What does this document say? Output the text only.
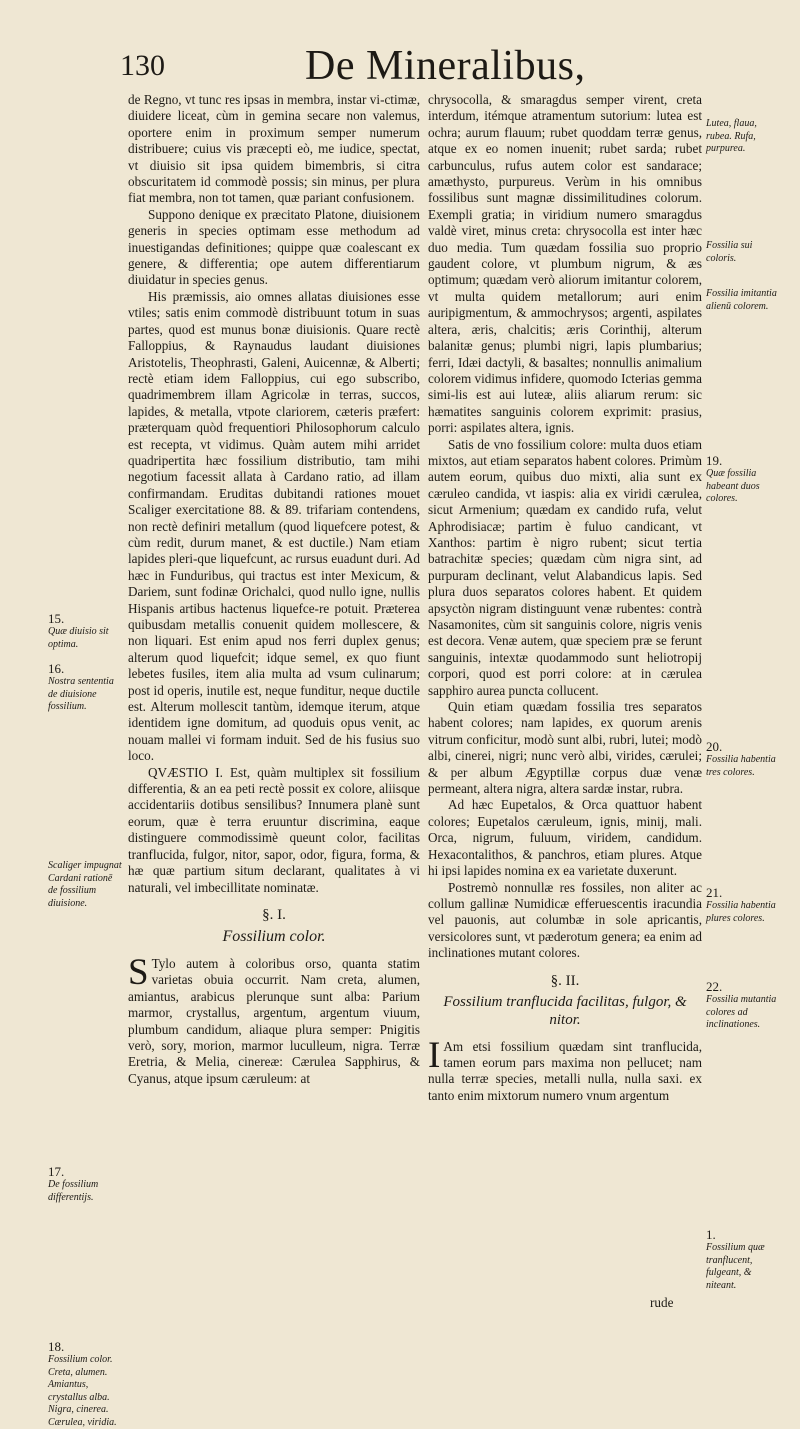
130	De Mineralibus,
15.
Quæ diuisio sit optima.
16.
Nostra sententia de diuisione fossilium.
Scaliger impugnat Cardani rationē de fossilium diuisione.
17.
De fossilium differentijs.
18.
Fossilium color. Creta, alumen. Amiantus, crystallus alba. Nigra, cinerea. Cærulea, viridia.

de Regno, vt tunc res ipsas in membra, instar vi-ctimæ, diuidere liceat, cùm in gemina secare non valemus, oportere enim in proximum semper numerum distribuere; cuius vis præcepti eò, me iudice, spectat, vt diuisio sit ipsa quidem bimembris, si citra obscuritatem id commodè possis; sin minus, per plura fiat membra, non tot tamen, quæ pariant confusionem.

Suppono denique ex præcitato Platone, diuisionem generis in species optimam esse methodum ad inuestigandas definitiones; quippe quæ coalescant ex genere, & differentia; ope autem differentiarum diuidatur in species genus.

His præmissis, aio omnes allatas diuisiones esse vtiles; satis enim commodè distribuunt totum in suas partes, quod est munus bonæ diuisionis. Quare rectè Falloppius, & Raynaudus laudant diuisiones Aristotelis, Theophrasti, Galeni, Auicennæ, & Alberti; rectè etiam idem Falloppius, cui ego subscribo, quadrimembrem illam Agricolæ in terras, succos, lapides, & metalla, vtpote clariorem, cæteris præfert: præterquam quòd frequentiori Philosophorum calculo est recepta, vt vidimus. Quàm autem mihi arridet quadripertita hæc fossilium distributio, tam mihi negotium facessit allata à Cardano ratio, ad illam confirmandam. Eruditas dubitandi rationes mouet Scaliger exercitatione 88. & 89. trifariam contendens, non rectè definiri metallum (quod liquefcere potest, & cùm redit, durum manet, & est ductile.) Nam etiam lapides pleri-que liquefcunt, ac rursus euadunt duri. Ad hæc in Funduribus, qui tractus est inter Mexicum, & Dariem, sunt fodinæ Orichalci, quod nullo igne, nullis Hispanis artibus hactenus liquefce-re potuit. Præterea quibusdam metallis conuenit quidem mollescere, & non liquari. Est enim apud nos ferri duplex genus; alterum quod liquefcit; idque semel, ex quo fiunt lebetes fusiles, item alia multa ad vsum culinarum; post id operis, inutile est, neque funditur, neque ductile est. Alterum mollescit tantùm, idemque iterum, atque identidem igne domitum, ad quoduis opus venit, ac nouam mallei vi formam induit. Sed de his fusius suo loco.

QVÆSTIO I. Est, quàm multiplex sit fossilium differentia, & an ea peti rectè possit ex colore, aliisque accidentariis dotibus sensilibus? Innumera planè sunt eorum, quæ è terra eruuntur discrimina, eaque distinguere commodissimè queunt color, facilitas tranflucida, fulgor, nitor, sapor, odor, figura, forma, & hæ quæ partium situm declarant, qualitates à vi naturali, vel imbecillitate nominatæ.

§. I.
Fossilium color.

S Tylo autem à coloribus orso, quanta statim varietas obuia occurrit. Nam creta, alumen, amiantus, arabicus plerunque sunt alba: Parium marmor, crystallus, argentum, argentum viuum, plumbum candidum, aliaque plura semper: Pnigitis verò, sory, morion, marmor luculleum, nigra. Terræ Eretria, & Melia, cinereæ: Cærulea Sapphirus, & Cyanus, atque ipsum cæruleum: at

chrysocolla, & smaragdus semper virent, creta interdum, itémque atramentum sutorium: lutea est ochra; aurum flauum; rubet quoddam terræ genus, atque ex eo nomen inuenit; rubet sarda; rubet carbunculus, rufus autem color est sandarace; amæthysto, purpureus. Verùm in his omnibus fossilibus sunt magnæ dissimilitudines colorum. Exempli gratia; in viridium numero smaragdus valdè viret, minus creta: chrysocolla est inter hæc duo media. Tum quædam fossilia suo proprio gaudent colore, vt plumbum nigrum, & æs optimum; quædam verò aliorum imitantur colorem, vt multa quidem metallorum; auri enim auripigmentum, & ammochrysos; argenti, aspilates altera, æris, chalcitis; æris Corinthij, alterum balanitæ genus; plumbi nigri, lapis plumbarius; ferri, Idæi dactyli, & basaltes; nonnullis animalium colorem vidimus infidere, quomodo Icterias gemma simi-lis est aui luteæ, aliis aliarum rerum: sic hæmatites sanguinis colorem exprimit: prasius, porri: aspilates altera, ignis.

Satis de vno fossilium colore: multa duos etiam mixtos, aut etiam separatos habent colores. Primùm autem eorum, quibus duo mixti, alia sunt ex cæruleo candida, vt iaspis: alia ex viridi cærulea, sicut Armenium; quædam ex candido rufa, velut Aphrodisiacæ; partim è fuluo candicant, vt Xanthos: partim è nigro rubent; sicut tertia batrachitæ species; quædam cùm nigra sint, ad purpuram declinant, velut Alabandicus lapis. Sed plura duos separatos colores habent. Et quidem apsyctòn nigram distinguunt venæ rubentes: contrà Nasamonites, cùm sit sanguinis colore, nigris venis est decora. Venæ autem, quæ speciem præ se ferunt sanguinis, intextæ quodammodo sunt heliotropij corpori, quod est porri colore: at in cærulea sapphiro aurea puncta collucent.

Quin etiam quædam fossilia tres separatos habent colores; nam lapides, ex quorum arenis vitrum conficitur, modò sunt albi, rubri, lutei; modò albi, cinerei, nigri; nunc verò albi, virides, cærulei; & per album Ægyptillæ corpus duæ venæ permeant, altera nigra, altera sardæ instar, rubra.

Ad hæc Eupetalos, & Orca quattuor habent colores; Eupetalos cæruleum, ignis, minij, mali. Orca, nigrum, fuluum, viridem, candidum. Hexacontalithos, & panchros, etiam plures. Atque hi ipsi lapides nomina ex ea varietate duxerunt.

Postremò nonnullæ res fossiles, non aliter ac collum gallinæ Numidicæ efferuescentis iracundia vel pauonis, aut columbæ in sole apricantis, versicolores sunt, vt pæderotum genera; ea enim ad inclinationes mutant colores.

§. II.
Fossilium tranflucida facilitas, fulgor, & nitor.

I Am etsi fossilium quædam sint tranflucida, tamen eorum pars maxima non pellucet; nam nulla terræ species, metalli nulla, nulla saxi. ex tanto enim mixtorum numero vnum argentum

Lutea, flaua, rubea. Rufa, purpurea.
Fossilia sui coloris.
Fossilia imitantia alienū colorem.
19.
Quæ fossilia habeant duos colores.
20.
Fossilia habentia tres colores.
21.
Fossilia habentia plures colores.
22.
Fossilia mutantia colores ad inclinationes.
1.
Fossilium quæ tranflucent, fulgeant, & niteant.
rude
